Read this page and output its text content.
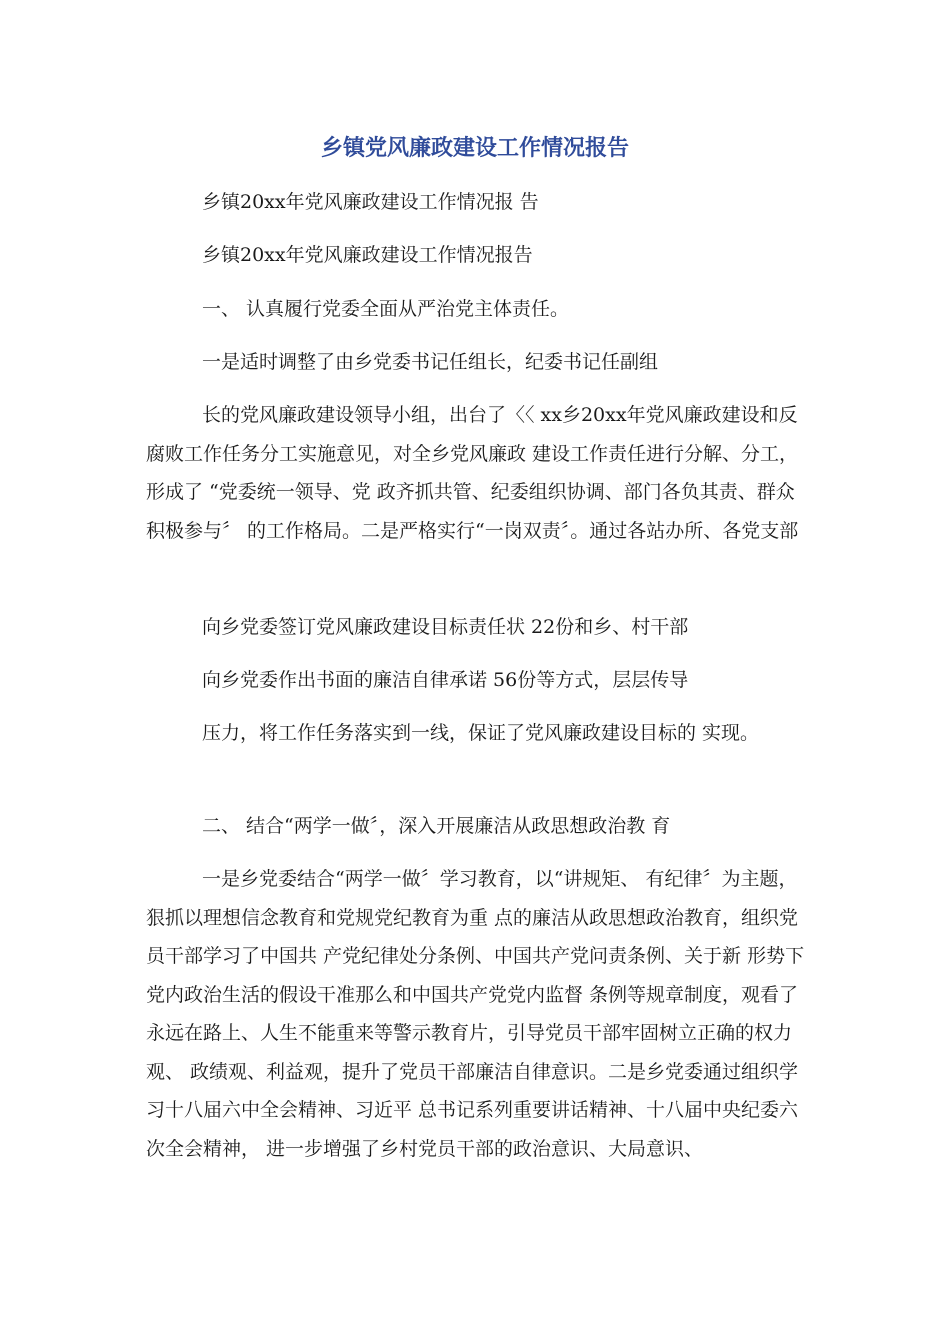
乡镇党风廉政建设工作情况报告

乡镇20xx年党风廉政建设工作情况报 告

乡镇20xx年党风廉政建设工作情况报告

一、 认真履行党委全面从严治党主体责任。

一是适时调整了由乡党委书记任组长，纪委书记任副组

长的党风廉政建设领导小组，出台了〈〈 xx乡20xx年党风廉政建设和反腐败工作任务分工实施意见，对全乡党风廉政 建设工作责任进行分解、分工，形成了 “党委统一领导、党 政齐抓共管、纪委组织协调、部门各负其责、群众积极参与〞 的工作格局。二是严格实行“一岗双责〞。通过各站办所、各党支部

向乡党委签订党风廉政建设目标责任状 22份和乡、村干部

向乡党委作出书面的廉洁自律承诺 56份等方式，层层传导

压力，将工作任务落实到一线，保证了党风廉政建设目标的 实现。

二、 结合“两学一做〞，深入开展廉洁从政思想政治教 育

一是乡党委结合“两学一做〞学习教育，以“讲规矩、 有纪律〞为主题，狠抓以理想信念教育和党规党纪教育为重 点的廉洁从政思想政治教育，组织党员干部学习了中国共 产党纪律处分条例、中国共产党问责条例、关于新 形势下党内政治生活的假设干准那么和中国共产党党内监督 条例等规章制度，观看了永远在路上、人生不能重来等警示教育片，引导党员干部牢固树立正确的权力观、 政绩观、利益观，提升了党员干部廉洁自律意识。二是乡党委通过组织学习十八届六中全会精神、习近平 总书记系列重要讲话精神、十八届中央纪委六次全会精神， 进一步增强了乡村党员干部的政治意识、大局意识、
